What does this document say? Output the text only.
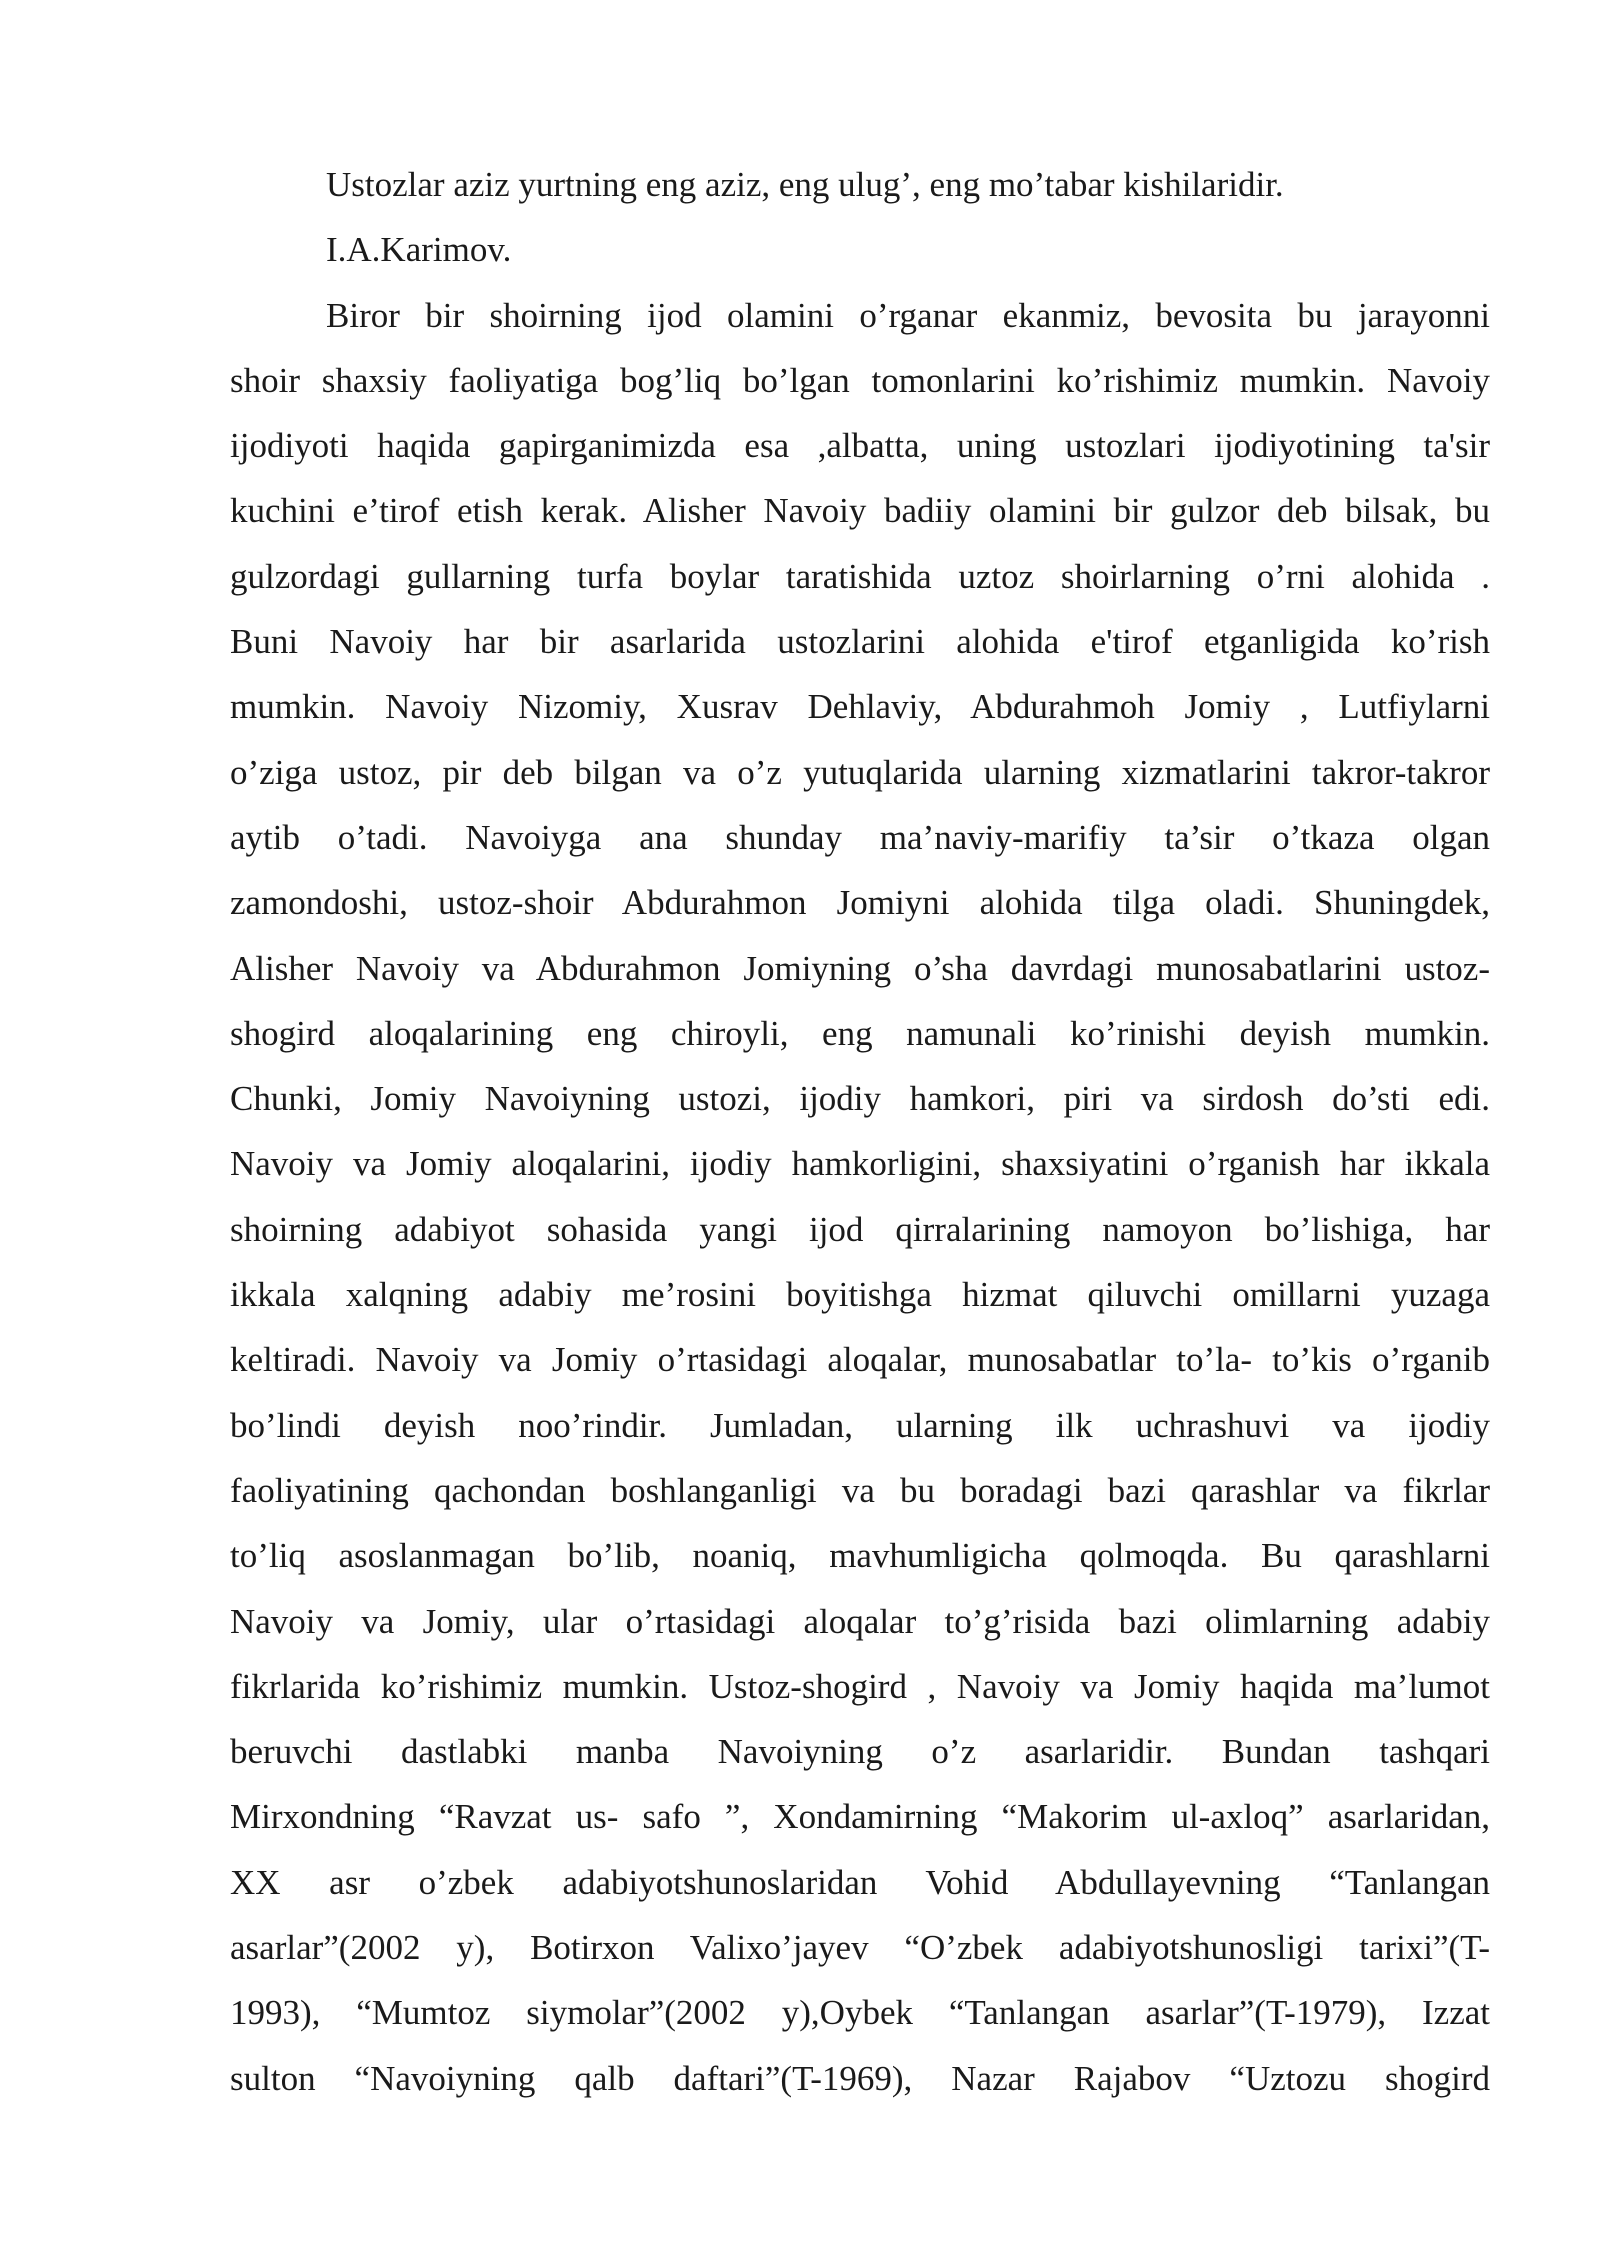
Ustozlar aziz yurtning eng aziz, eng ulug’, eng mo’tabar kishilaridir.
I.A.Karimov.
Biror bir shoirning ijod olamini o’rganar ekanmiz, bevosita bu jarayonni
shoir shaxsiy faoliyatiga bog’liq bo’lgan tomonlarini ko’rishimiz mumkin. Navoiy
ijodiyoti haqida gapirganimizda esa ,albatta, uning ustozlari ijodiyotining ta'sir
kuchini e’tirof etish kerak. Alisher Navoiy badiiy olamini bir gulzor deb bilsak, bu
gulzordagi gullarning turfa boylar taratishida uztoz shoirlarning o’rni alohida .
Buni Navoiy har bir asarlarida ustozlarini alohida e'tirof etganligida ko’rish
mumkin. Navoiy Nizomiy, Xusrav Dehlaviy, Abdurahmoh Jomiy , Lutfiylarni
o’ziga ustoz, pir deb bilgan va o’z yutuqlarida ularning xizmatlarini takror-takror
aytib o’tadi. Navoiyga ana shunday ma’naviy-marifiy ta’sir o’tkaza olgan
zamondoshi, ustoz-shoir Abdurahmon Jomiyni alohida tilga oladi. Shuningdek,
Alisher Navoiy va Abdurahmon Jomiyning o’sha davrdagi munosabatlarini ustoz-
shogird aloqalarining eng chiroyli, eng namunali ko’rinishi deyish mumkin.
Chunki, Jomiy Navoiyning ustozi, ijodiy hamkori, piri va sirdosh do’sti edi.
Navoiy va Jomiy aloqalarini, ijodiy hamkorligini, shaxsiyatini o’rganish har ikkala
shoirning adabiyot sohasida yangi ijod qirralarining namoyon bo’lishiga, har
ikkala xalqning adabiy me’rosini boyitishga hizmat qiluvchi omillarni yuzaga
keltiradi. Navoiy va Jomiy o’rtasidagi aloqalar, munosabatlar to’la- to’kis o’rganib
bo’lindi deyish noo’rindir. Jumladan, ularning ilk uchrashuvi va ijodiy
faoliyatining qachondan boshlanganligi va bu boradagi bazi qarashlar va fikrlar
to’liq asoslanmagan bo’lib, noaniq, mavhumligicha qolmoqda. Bu qarashlarni
Navoiy va Jomiy, ular o’rtasidagi aloqalar to’g’risida bazi olimlarning adabiy
fikrlarida ko’rishimiz mumkin. Ustoz-shogird , Navoiy va Jomiy haqida ma’lumot
beruvchi dastlabki manba Navoiyning o’z asarlaridir. Bundan tashqari
Mirxondning “Ravzat us- safo ”, Xondamirning “Makorim ul-axloq” asarlaridan,
XX asr o’zbek adabiyotshunoslaridan Vohid Abdullayevning “Tanlangan
asarlar”(2002 y), Botirxon Valixo’jayev “O’zbek adabiyotshunosligi tarixi”(T-
1993), “Mumtoz siymolar”(2002 y),Oybek “Tanlangan asarlar”(T-1979), Izzat
sulton “Navoiyning qalb daftari”(T-1969), Nazar Rajabov “Uztozu shogird
